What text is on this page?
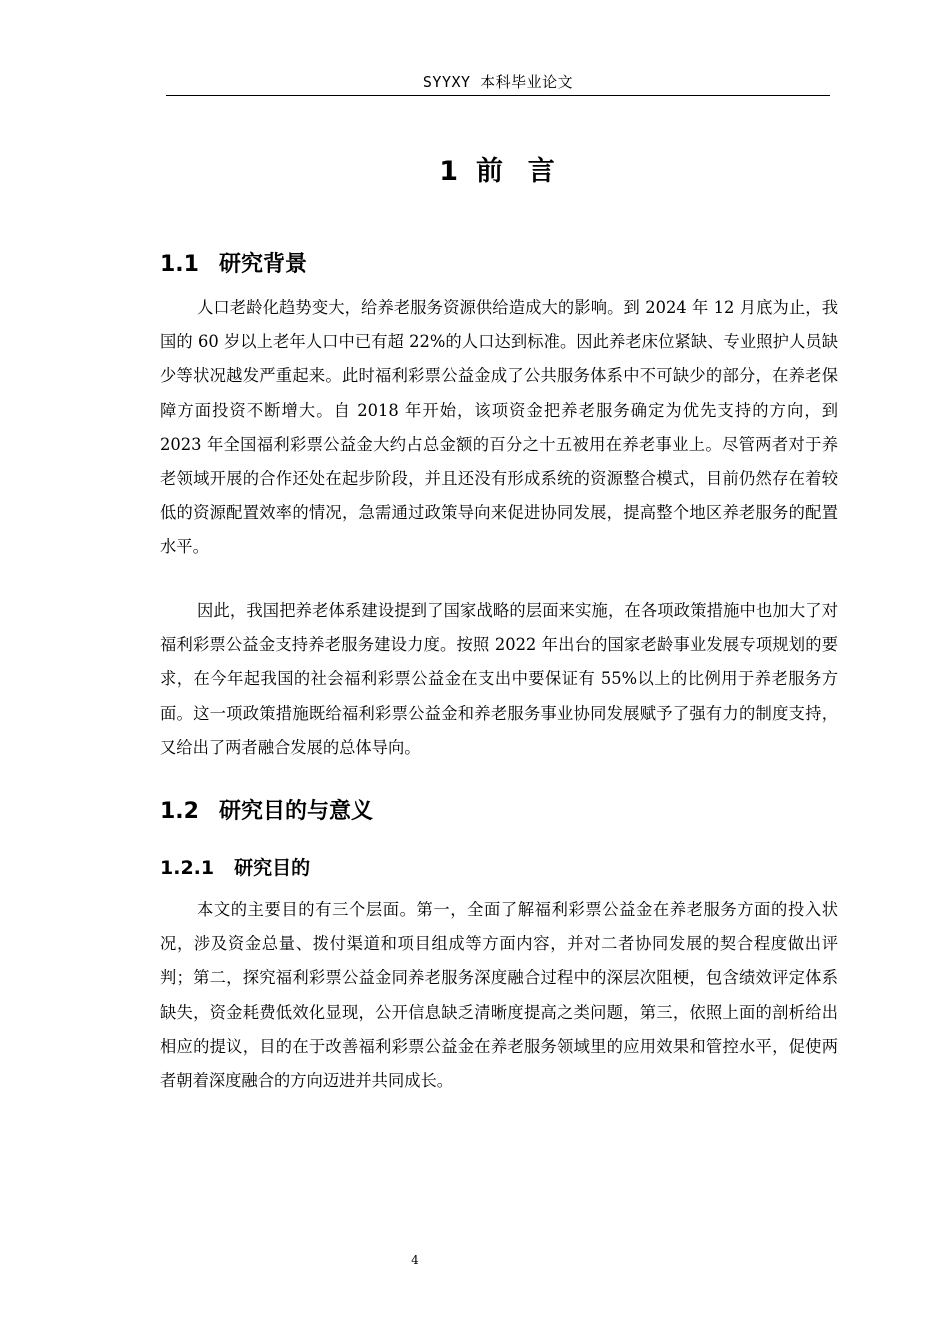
SYYXY 本科毕业论文
1 前  言
1.1 研究背景

人口老龄化趋势变大，给养老服务资源供给造成大的影响。到 2024 年 12 月底为止，我国的 60 岁以上老年人口中已有超 22%的人口达到标准。因此养老床位紧缺、专业照护人员缺少等状况越发严重起来。此时福利彩票公益金成了公共服务体系中不可缺少的部分，在养老保障方面投资不断增大。自 2018 年开始，该项资金把养老服务确定为优先支持的方向，到 2023 年全国福利彩票公益金大约占总金额的百分之十五被用在养老事业上。尽管两者对于养老领域开展的合作还处在起步阶段，并且还没有形成系统的资源整合模式，目前仍然存在着较低的资源配置效率的情况，急需通过政策导向来促进协同发展，提高整个地区养老服务的配置水平。

因此，我国把养老体系建设提到了国家战略的层面来实施，在各项政策措施中也加大了对福利彩票公益金支持养老服务建设力度。按照 2022 年出台的国家老龄事业发展专项规划的要求，在今年起我国的社会福利彩票公益金在支出中要保证有 55%以上的比例用于养老服务方面。这一项政策措施既给福利彩票公益金和养老服务事业协同发展赋予了强有力的制度支持，又给出了两者融合发展的总体导向。

1.2 研究目的与意义
1.2.1 研究目的

本文的主要目的有三个层面。第一，全面了解福利彩票公益金在养老服务方面的投入状况，涉及资金总量、拨付渠道和项目组成等方面内容，并对二者协同发展的契合程度做出评判；第二，探究福利彩票公益金同养老服务深度融合过程中的深层次阻梗，包含绩效评定体系缺失，资金耗费低效化显现，公开信息缺乏清晰度提高之类问题，第三，依照上面的剖析给出相应的提议，目的在于改善福利彩票公益金在养老服务领域里的应用效果和管控水平，促使两者朝着深度融合的方向迈进并共同成长。

4
